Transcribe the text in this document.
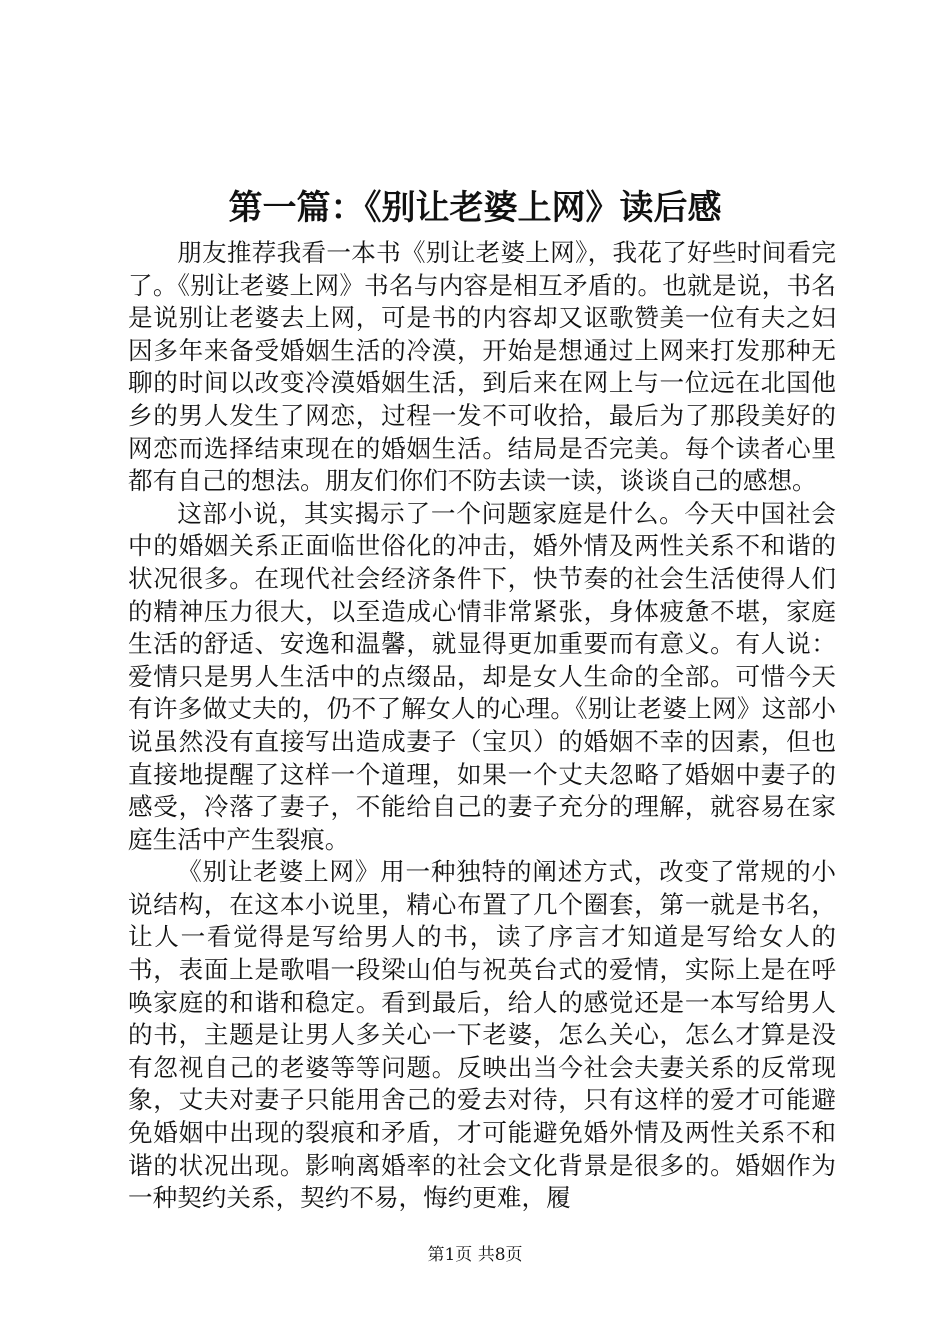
第一篇：《别让老婆上网》读后感

朋友推荐我看一本书《别让老婆上网》，我花了好些时间看完了。《别让老婆上网》书名与内容是相互矛盾的。也就是说，书名是说别让老婆去上网，可是书的内容却又讴歌赞美一位有夫之妇因多年来备受婚姻生活的冷漠，开始是想通过上网来打发那种无聊的时间以改变冷漠婚姻生活，到后来在网上与一位远在北国他乡的男人发生了网恋，过程一发不可收拾，最后为了那段美好的网恋而选择结束现在的婚姻生活。结局是否完美。每个读者心里都有自己的想法。朋友们你们不防去读一读，谈谈自己的感想。

这部小说，其实揭示了一个问题家庭是什么。今天中国社会中的婚姻关系正面临世俗化的冲击，婚外情及两性关系不和谐的状况很多。在现代社会经济条件下，快节奏的社会生活使得人们的精神压力很大，以至造成心情非常紧张，身体疲惫不堪，家庭生活的舒适、安逸和温馨，就显得更加重要而有意义。有人说：爱情只是男人生活中的点缀品，却是女人生命的全部。可惜今天有许多做丈夫的，仍不了解女人的心理。《别让老婆上网》这部小说虽然没有直接写出造成妻子（宝贝）的婚姻不幸的因素，但也直接地提醒了这样一个道理，如果一个丈夫忽略了婚姻中妻子的感受，冷落了妻子，不能给自己的妻子充分的理解，就容易在家庭生活中产生裂痕。

《别让老婆上网》用一种独特的阐述方式，改变了常规的小说结构，在这本小说里，精心布置了几个圈套，第一就是书名，让人一看觉得是写给男人的书，读了序言才知道是写给女人的书，表面上是歌唱一段梁山伯与祝英台式的爱情，实际上是在呼唤家庭的和谐和稳定。看到最后，给人的感觉还是一本写给男人的书，主题是让男人多关心一下老婆，怎么关心，怎么才算是没有忽视自己的老婆等等问题。反映出当今社会夫妻关系的反常现象，丈夫对妻子只能用舍己的爱去对待，只有这样的爱才可能避免婚姻中出现的裂痕和矛盾，才可能避免婚外情及两性关系不和谐的状况出现。影响离婚率的社会文化背景是很多的。婚姻作为一种契约关系，契约不易，悔约更难，履

第1页 共8页
